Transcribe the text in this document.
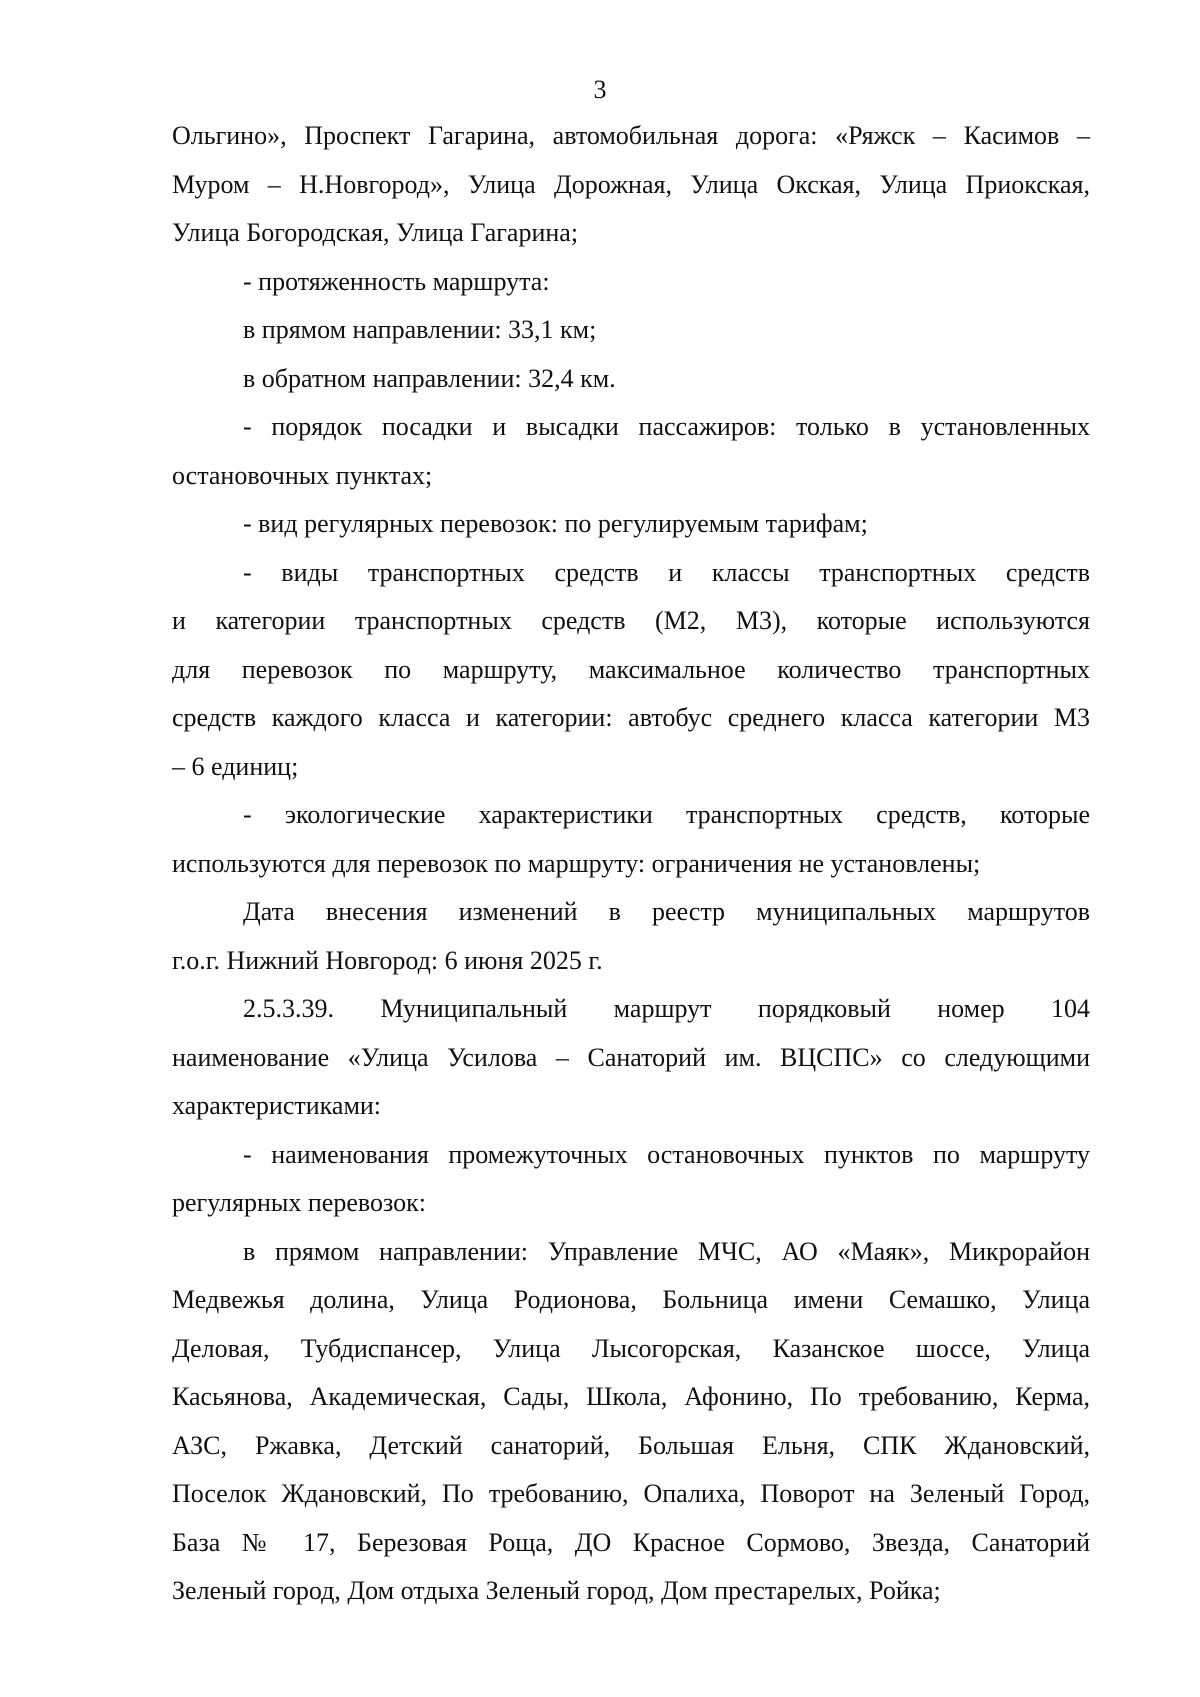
3
Ольгино», Проспект Гагарина, автомобильная дорога: «Ряжск – Касимов –
Муром – Н.Новгород», Улица Дорожная, Улица Окская, Улица Приокская,
Улица Богородская, Улица Гагарина;
- протяженность маршрута:
в прямом направлении: 33,1 км;
в обратном направлении: 32,4 км.
- порядок посадки и высадки пассажиров: только в установленных
остановочных пунктах;
- вид регулярных перевозок: по регулируемым тарифам;
- виды транспортных средств и классы транспортных средств
и категории транспортных средств (М2, М3), которые используются
для перевозок по маршруту, максимальное количество транспортных
средств каждого класса и категории: автобус среднего класса категории М3
– 6 единиц;
- экологические характеристики транспортных средств, которые
используются для перевозок по маршруту: ограничения не установлены;
Дата внесения изменений в реестр муниципальных маршрутов
г.о.г. Нижний Новгород: 6 июня 2025 г.
2.5.3.39. Муниципальный маршрут порядковый номер 104
наименование «Улица Усилова – Санаторий им. ВЦСПС» со следующими
характеристиками:
- наименования промежуточных остановочных пунктов по маршруту
регулярных перевозок:
в прямом направлении: Управление МЧС, АО «Маяк», Микрорайон
Медвежья долина, Улица Родионова, Больница имени Семашко, Улица
Деловая, Тубдиспансер, Улица Лысогорская, Казанское шоссе, Улица
Касьянова, Академическая, Сады, Школа, Афонино, По требованию, Керма,
АЗС, Ржавка, Детский санаторий, Большая Ельня, СПК Ждановский,
Поселок Ждановский, По требованию, Опалиха, Поворот на Зеленый Город,
База № 17, Березовая Роща, ДО Красное Сормово, Звезда, Санаторий
Зеленый город, Дом отдыха Зеленый город, Дом престарелых, Ройка;
